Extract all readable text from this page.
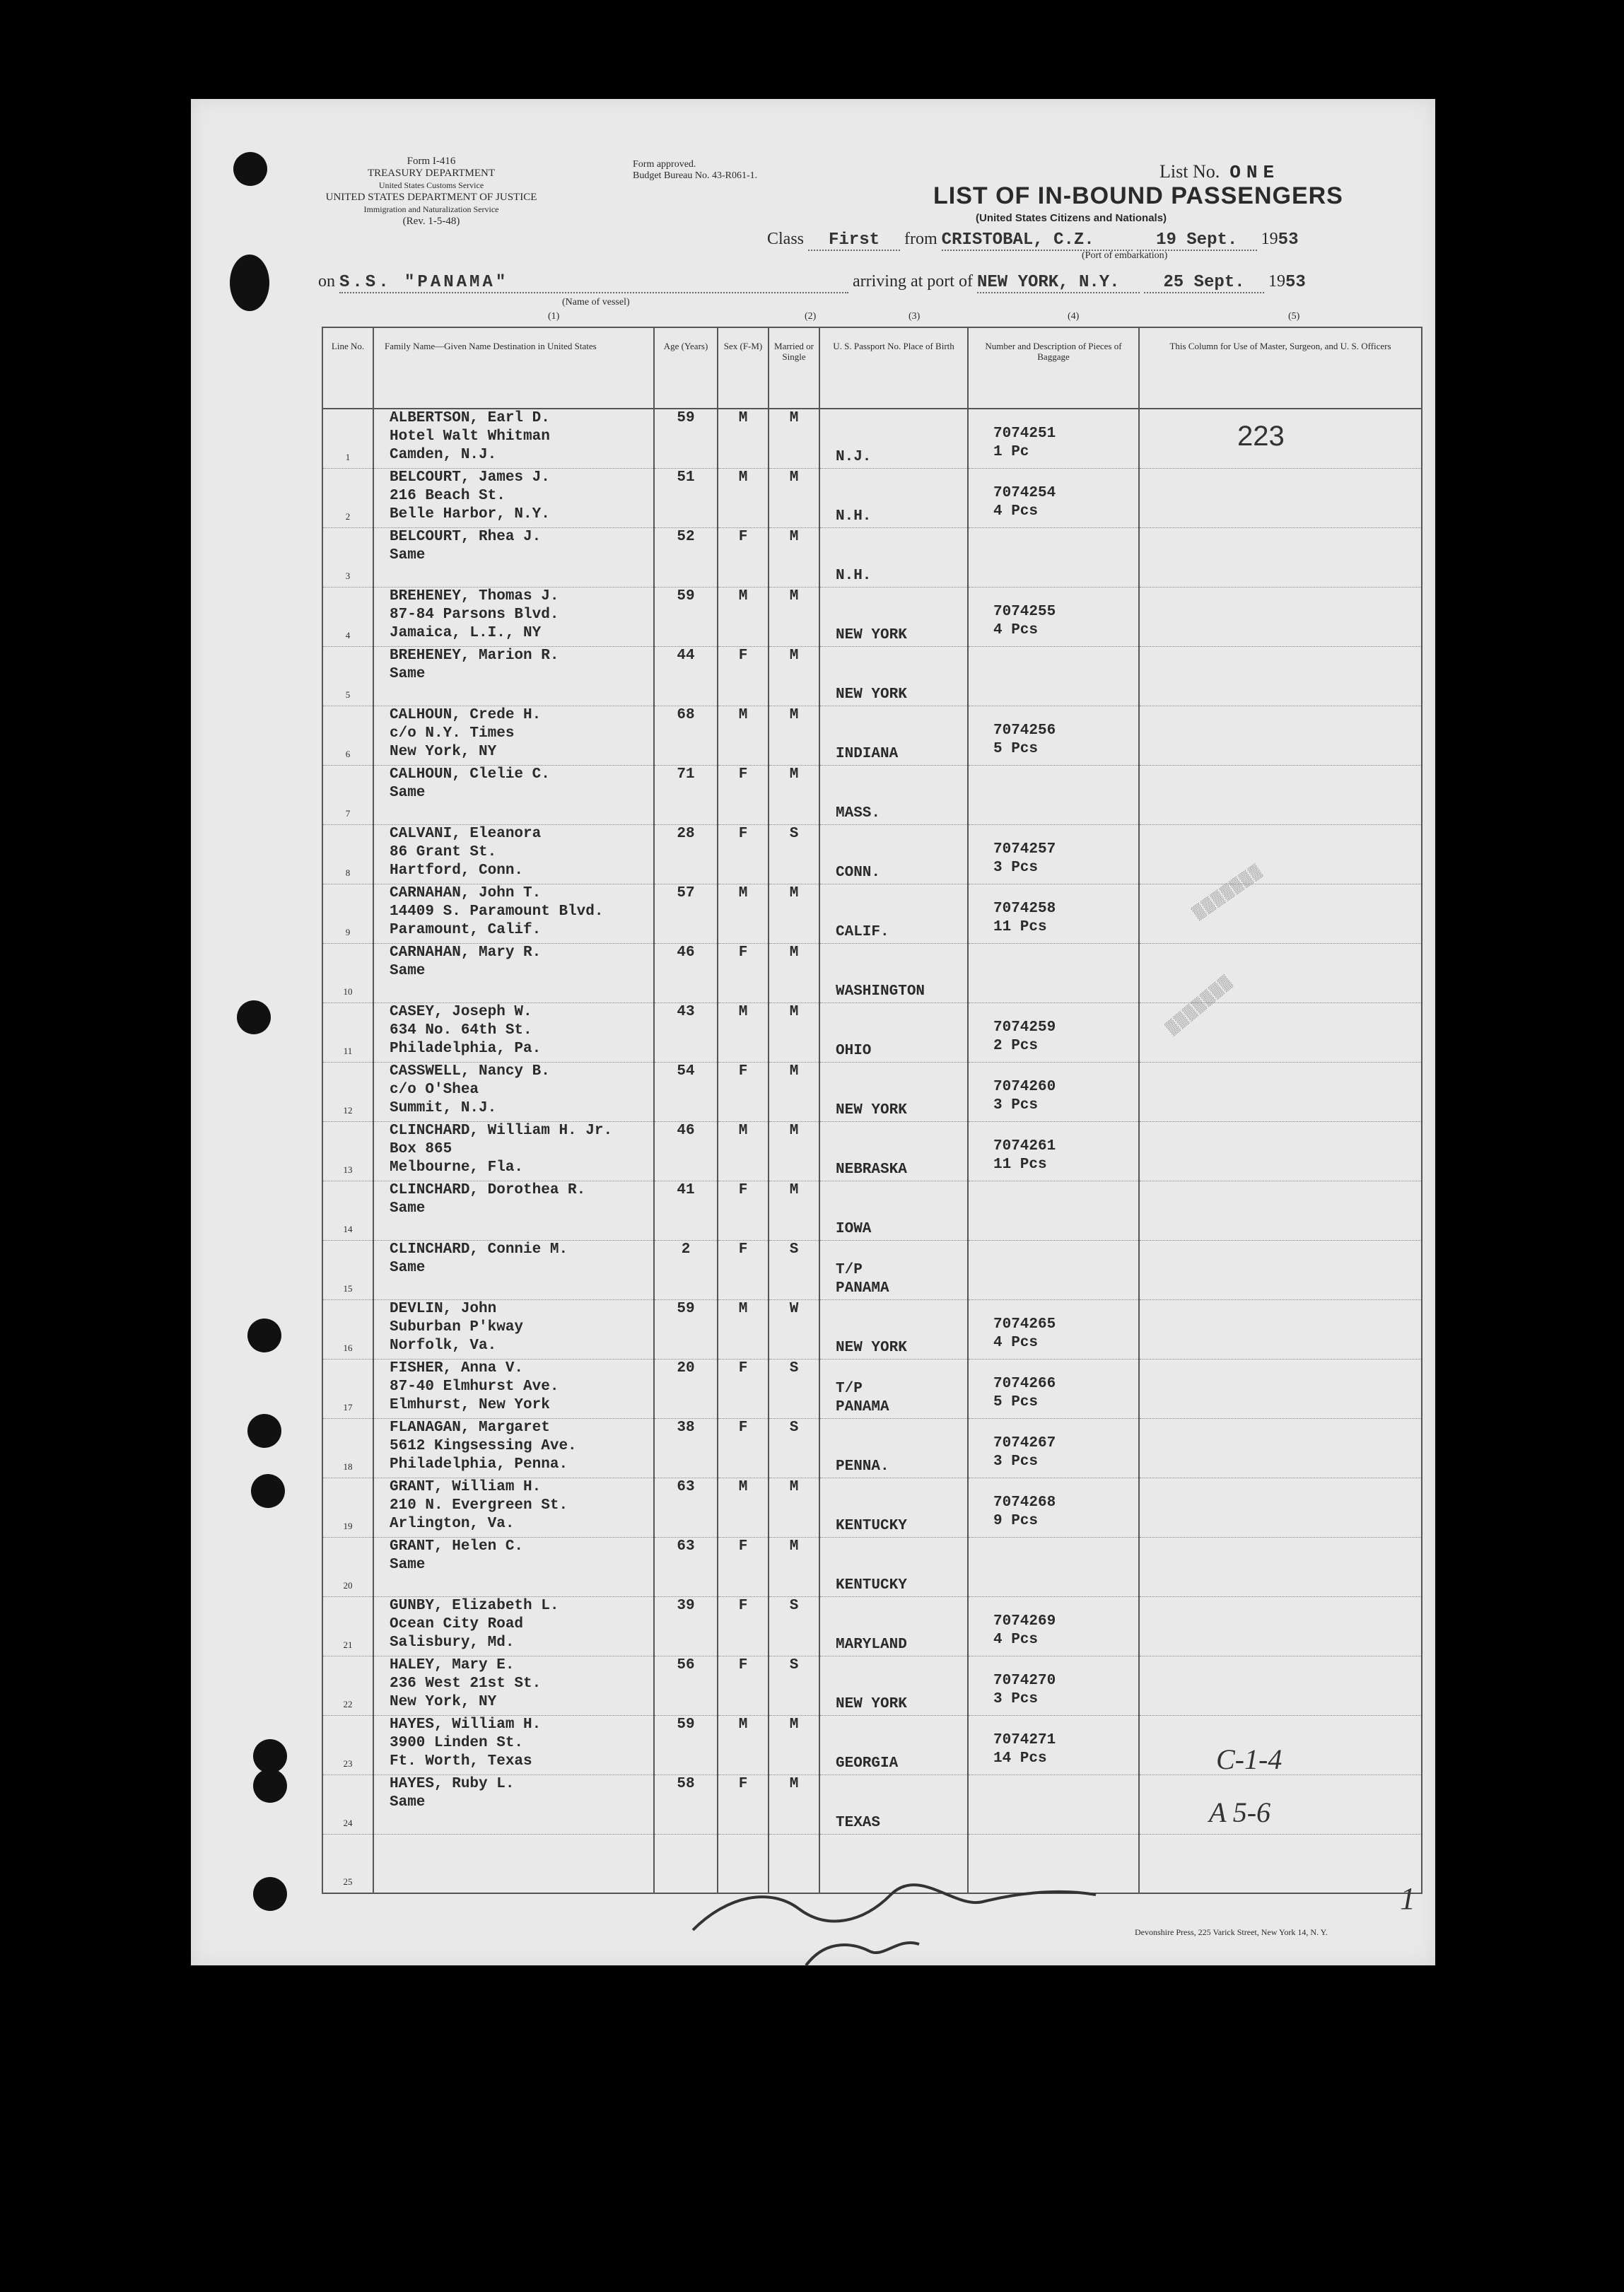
Form I-416
TREASURY DEPARTMENT
United States Customs Service
UNITED STATES DEPARTMENT OF JUSTICE
Immigration and Naturalization Service
(Rev. 1-5-48)
Form approved.
Budget Bureau No. 43-R061-1.	List No. ONE
LIST OF IN-BOUND PASSENGERS
(United States Citizens and Nationals)
Class First from CRISTOBAL, C.Z.	19 Sept. 1953
(Port of embarkation)
on S.S. "PANAMA"	arriving at port of NEW YORK, N.Y.	25 Sept. 1953
(Name of vessel)
(1)	(2)	(3)	(4)	(5)
Line No.	Family Name—Given Name Destination in United States	Age (Years)	Sex (F-M)	Married or Single	U. S. Passport No. Place of Birth	Number and Description of Pieces of Baggage	This Column for Use of Master, Surgeon, and U. S. Officers

1	ALBERTSON, Earl D.
Hotel Walt Whitman
Camden, N.J.	59	M	M	N.J.	7074251
1 Pc	

2	BELCOURT, James J.
216 Beach St.
Belle Harbor, N.Y.	51	M	M	N.H.	7074254
4 Pcs	

3	BELCOURT, Rhea J.
Same	52	F	M	N.H.		

4	BREHENEY, Thomas J.
87-84 Parsons Blvd.
Jamaica, L.I., NY	59	M	M	NEW YORK	7074255
4 Pcs	

5	BREHENEY, Marion R.
Same	44	F	M	NEW YORK		

6	CALHOUN, Crede H.
c/o N.Y. Times
New York, NY	68	M	M	INDIANA	7074256
5 Pcs	

7	CALHOUN, Clelie C.
Same	71	F	M	MASS.		

8	CALVANI, Eleanora
86 Grant St.
Hartford, Conn.	28	F	S	CONN.	7074257
3 Pcs	

9	CARNAHAN, John T.
14409 S. Paramount Blvd.
Paramount, Calif.	57	M	M	CALIF.	7074258
11 Pcs	

10	CARNAHAN, Mary R.
Same	46	F	M	WASHINGTON		

11	CASEY, Joseph W.
634 No. 64th St.
Philadelphia, Pa.	43	M	M	OHIO	7074259
2 Pcs	

12	CASSWELL, Nancy B.
c/o O'Shea
Summit, N.J.	54	F	M	NEW YORK	7074260
3 Pcs	

13	CLINCHARD, William H. Jr.
Box 865
Melbourne, Fla.	46	M	M	NEBRASKA	7074261
11 Pcs	

14	CLINCHARD, Dorothea R.
Same	41	F	M	IOWA		

15	CLINCHARD, Connie M.
Same	2	F	S	T/P
PANAMA		

16	DEVLIN, John
Suburban P'kway
Norfolk, Va.	59	M	W	NEW YORK	7074265
4 Pcs	

17	FISHER, Anna V.
87-40 Elmhurst Ave.
Elmhurst, New York	20	F	S	T/P
PANAMA	7074266
5 Pcs	

18	FLANAGAN, Margaret
5612 Kingsessing Ave.
Philadelphia, Penna.	38	F	S	PENNA.	7074267
3 Pcs	

19	GRANT, William H.
210 N. Evergreen St.
Arlington, Va.	63	M	M	KENTUCKY	7074268
9 Pcs	

20	GRANT, Helen C.
Same	63	F	M	KENTUCKY		

21	GUNBY, Elizabeth L.
Ocean City Road
Salisbury, Md.	39	F	S	MARYLAND	7074269
4 Pcs	

22	HALEY, Mary E.
236 West 21st St.
New York, NY	56	F	S	NEW YORK	7074270
3 Pcs	

23	HAYES, William H.
3900 Linden St.
Ft. Worth, Texas	59	M	M	GEORGIA	7074271
14 Pcs	

24	HAYES, Ruby L.
Same	58	F	M	TEXAS		

25							

223
▒▒▒▒▒▒▒
▒▒▒▒▒▒▒
C-1-4
A 5-6
1
Devonshire Press, 225 Varick Street, New York 14, N. Y.
